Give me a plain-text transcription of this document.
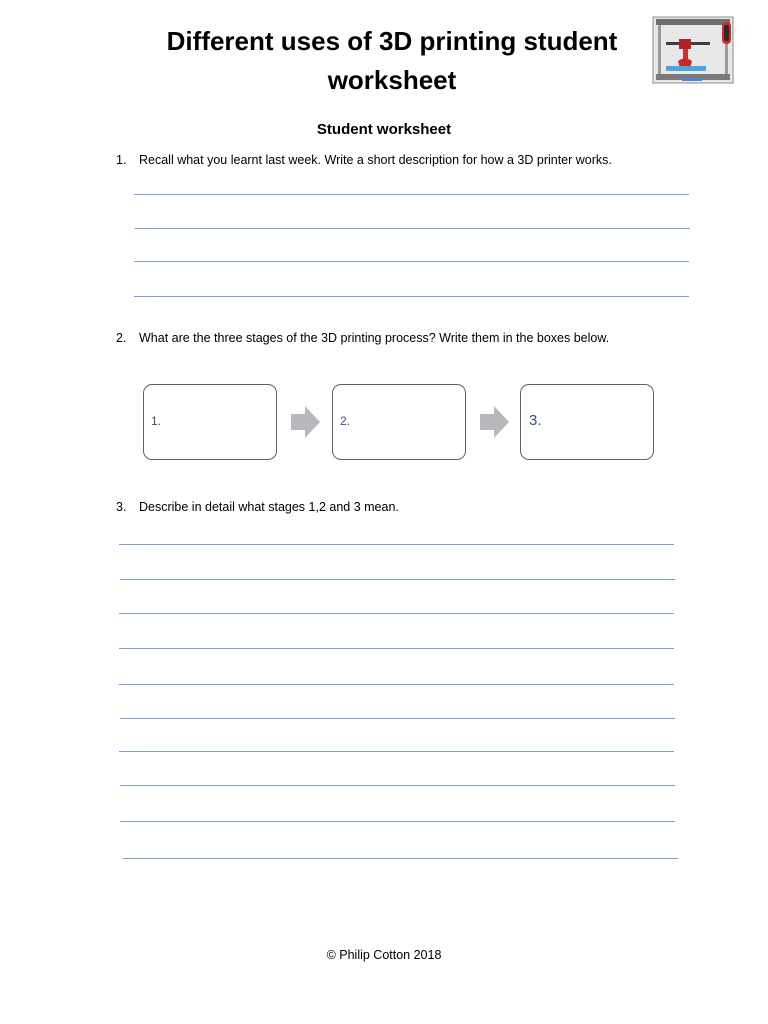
Different uses of 3D printing student worksheet
Student worksheet
1. Recall what you learnt last week. Write a short description for how a 3D printer works.
2. What are the three stages of the 3D printing process? Write them in the boxes below.
1.	2.	3.
3. Describe in detail what stages 1,2 and 3 mean.
© Philip Cotton 2018
